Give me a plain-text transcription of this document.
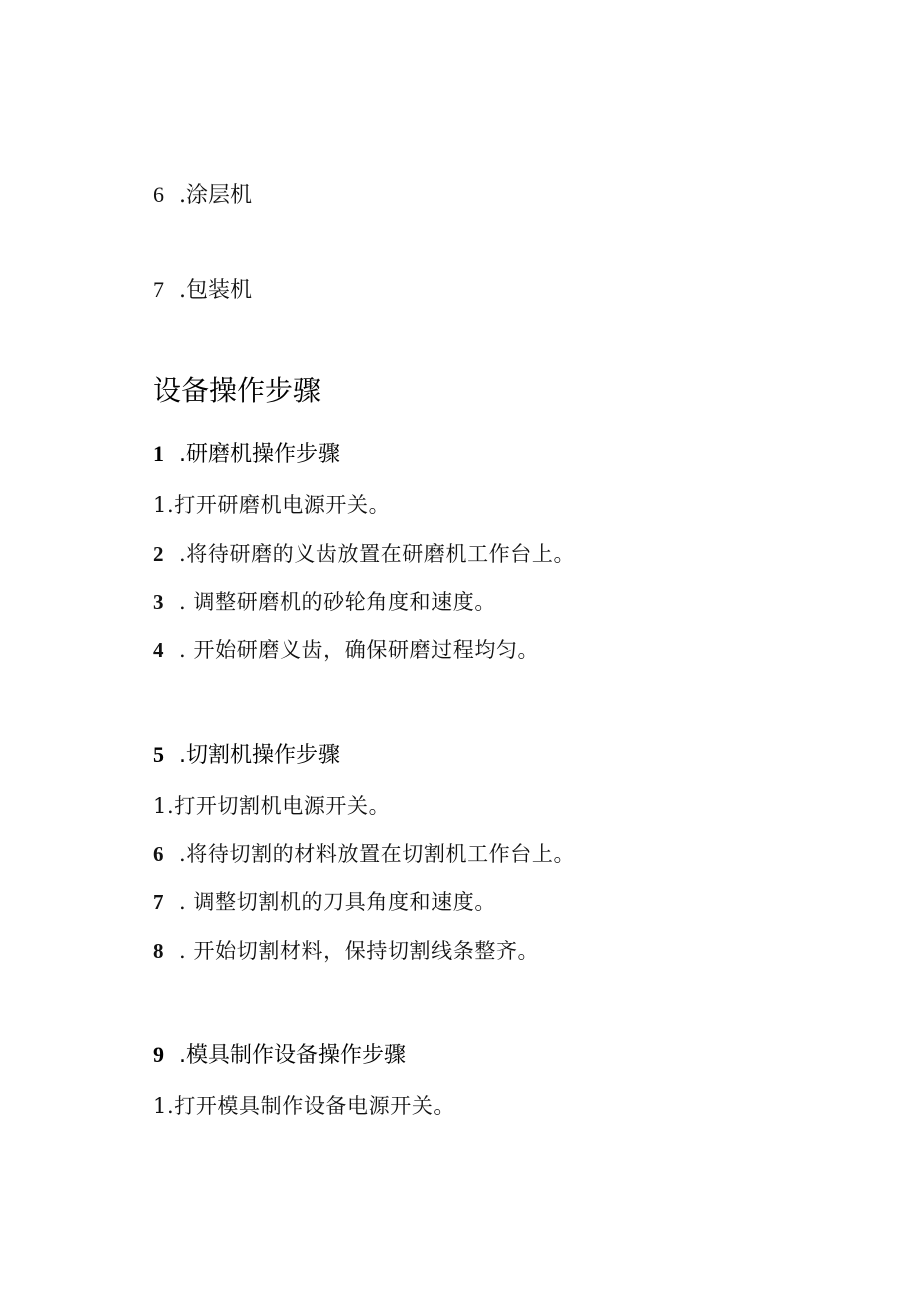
6 .涂层机
7 .包装机
设备操作步骤
1 .研磨机操作步骤
1.打开研磨机电源开关。
2 .将待研磨的义齿放置在研磨机工作台上。
3 . 调整研磨机的砂轮角度和速度。
4 . 开始研磨义齿，确保研磨过程均匀。
5 .切割机操作步骤
1.打开切割机电源开关。
6 .将待切割的材料放置在切割机工作台上。
7 . 调整切割机的刀具角度和速度。
8 . 开始切割材料，保持切割线条整齐。
9 .模具制作设备操作步骤
1.打开模具制作设备电源开关。
